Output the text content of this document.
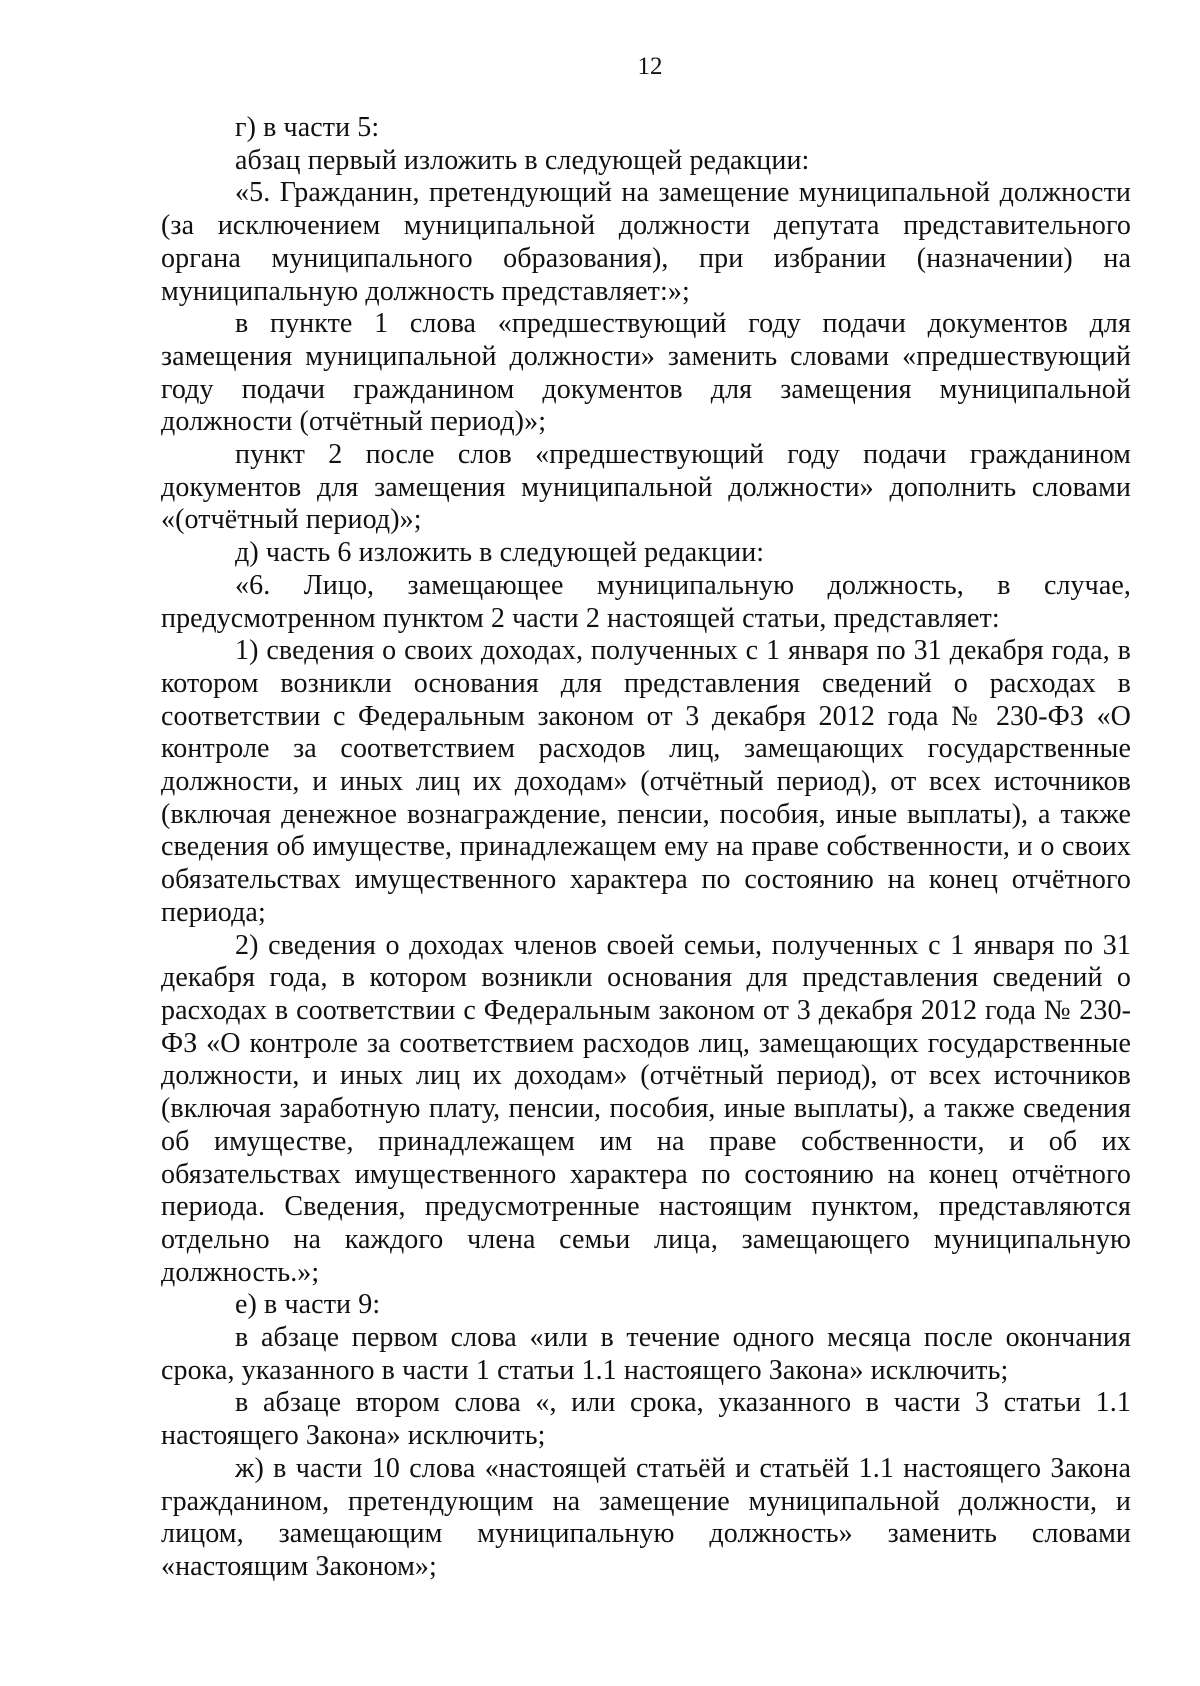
12

г) в части 5:

абзац первый изложить в следующей редакции:

«5. Гражданин, претендующий на замещение муниципальной должности (за исключением муниципальной должности депутата представительного органа муниципального образования), при избрании (назначении) на муниципальную должность представляет:»;

в пункте 1 слова «предшествующий году подачи документов для замещения муниципальной должности» заменить словами «предшествующий году подачи гражданином документов для замещения муниципальной должности (отчётный период)»;

пункт 2 после слов «предшествующий году подачи гражданином документов для замещения муниципальной должности» дополнить словами «(отчётный период)»;

д) часть 6 изложить в следующей редакции:

«6. Лицо, замещающее муниципальную должность, в случае, предусмотренном пунктом 2 части 2 настоящей статьи, представляет:

1) сведения о своих доходах, полученных с 1 января по 31 декабря года, в котором возникли основания для представления сведений о расходах в соответствии с Федеральным законом от 3 декабря 2012 года № 230-ФЗ «О контроле за соответствием расходов лиц, замещающих государственные должности, и иных лиц их доходам» (отчётный период), от всех источников (включая денежное вознаграждение, пенсии, пособия, иные выплаты), а также сведения об имуществе, принадлежащем ему на праве собственности, и о своих обязательствах имущественного характера по состоянию на конец отчётного периода;

2) сведения о доходах членов своей семьи, полученных с 1 января по 31 декабря года, в котором возникли основания для представления сведений о расходах в соответствии с Федеральным законом от 3 декабря 2012 года № 230-ФЗ «О контроле за соответствием расходов лиц, замещающих государственные должности, и иных лиц их доходам» (отчётный период), от всех источников (включая заработную плату, пенсии, пособия, иные выплаты), а также сведения об имуществе, принадлежащем им на праве собственности, и об их обязательствах имущественного характера по состоянию на конец отчётного периода. Сведения, предусмотренные настоящим пунктом, представляются отдельно на каждого члена семьи лица, замещающего муниципальную должность.»;

е) в части 9:

в абзаце первом слова «или в течение одного месяца после окончания срока, указанного в части 1 статьи 1.1 настоящего Закона» исключить;

в абзаце втором слова «, или срока, указанного в части 3 статьи 1.1 настоящего Закона» исключить;

ж) в части 10 слова «настоящей статьёй и статьёй 1.1 настоящего Закона гражданином, претендующим на замещение муниципальной должности, и лицом, замещающим муниципальную должность» заменить словами «настоящим Законом»;
